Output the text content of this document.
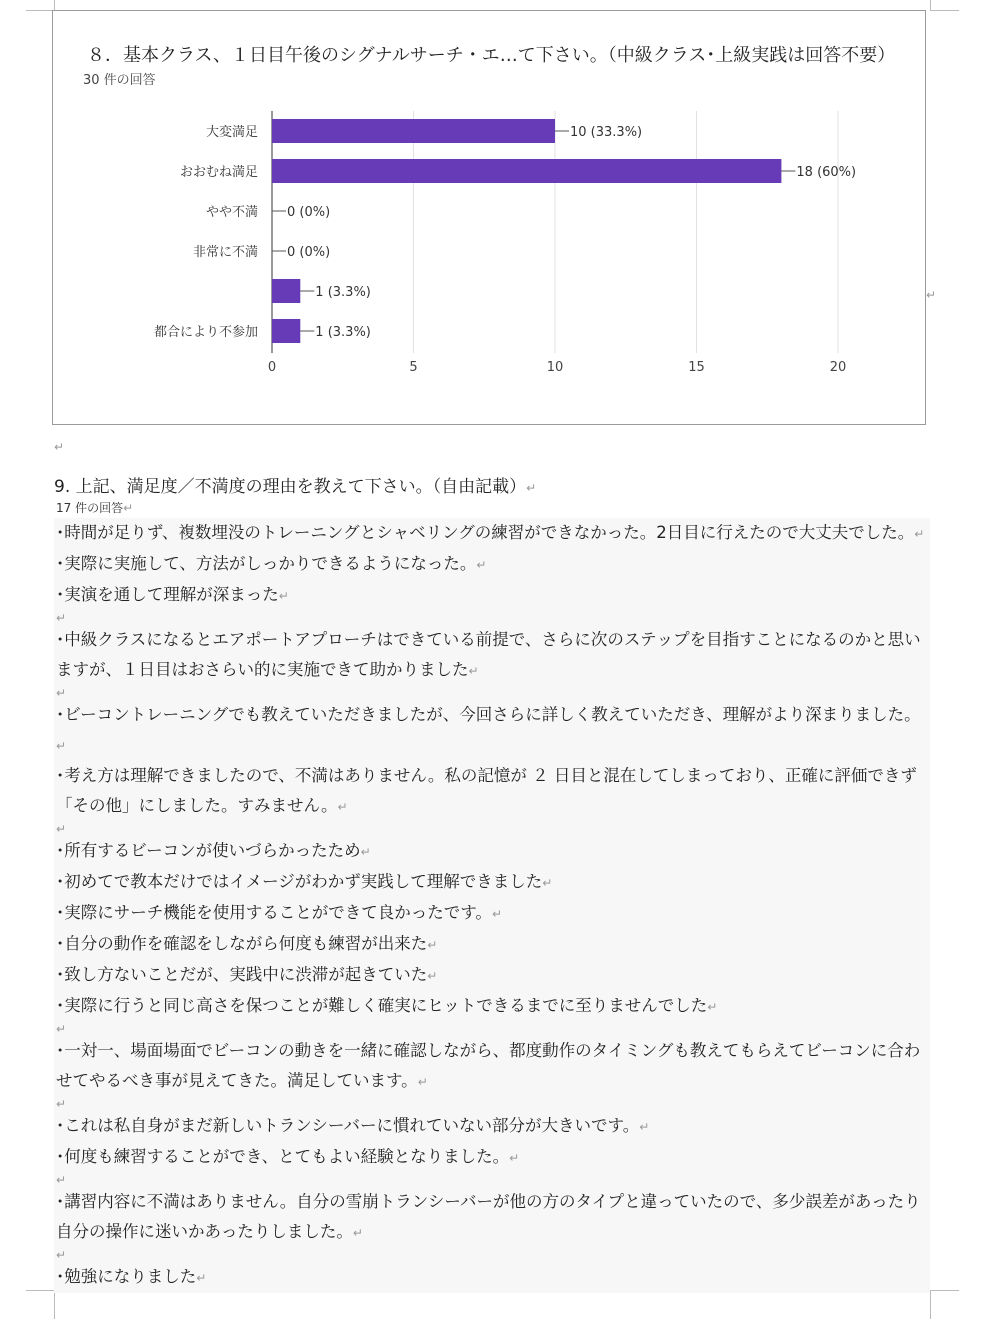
８．基本クラス、１日目午後のシグナルサーチ・エ…て下さい。（中級クラス･上級実践は回答不要）
30 件の回答
0	5	10	15	20
大変満足	10 (33.3%)
おおむね満足	18 (60%)
やや不満 0 (0%)
非常に不満 0 (0%)
1 (3.3%)
都合により不参加	1 (3.3%)
↵
↵
9. 上記、満足度／不満度の理由を教えて下さい。（自由記載）↵
17 件の回答↵
･時間が足りず、複数埋没のトレーニングとシャベリングの練習ができなかった。2日目に行えたので大丈夫でした。↵
･実際に実施して、方法がしっかりできるようになった。↵
･実演を通して理解が深まった↵
↵
･中級クラスになるとエアポートアプローチはできている前提で、さらに次のステップを目指すことになるのかと思いますが、１日目はおさらい的に実施できて助かりました↵
↵
･ビーコントレーニングでも教えていただきましたが、今回さらに詳しく教えていただき、理解がより深まりました。↵
･考え方は理解できましたので、不満はありません。私の記憶が ２ 日目と混在してしまっており、正確に評価できず「その他」にしました。すみません。↵
↵
･所有するビーコンが使いづらかったため↵
･初めてで教本だけではイメージがわかず実践して理解できました↵
･実際にサーチ機能を使用することができて良かったです。↵
･自分の動作を確認をしながら何度も練習が出来た↵
･致し方ないことだが、実践中に渋滞が起きていた↵
･実際に行うと同じ高さを保つことが難しく確実にヒットできるまでに至りませんでした↵
↵
･一対一、場面場面でビーコンの動きを一緒に確認しながら、都度動作のタイミングも教えてもらえてビーコンに合わせてやるべき事が見えてきた。満足しています。↵
↵
･これは私自身がまだ新しいトランシーバーに慣れていない部分が大きいです。↵
･何度も練習することができ、とてもよい経験となりました。↵
↵
･講習内容に不満はありません。自分の雪崩トランシーバーが他の方のタイプと違っていたので、多少誤差があったり自分の操作に迷いかあったりしました。↵
↵
･勉強になりました↵
